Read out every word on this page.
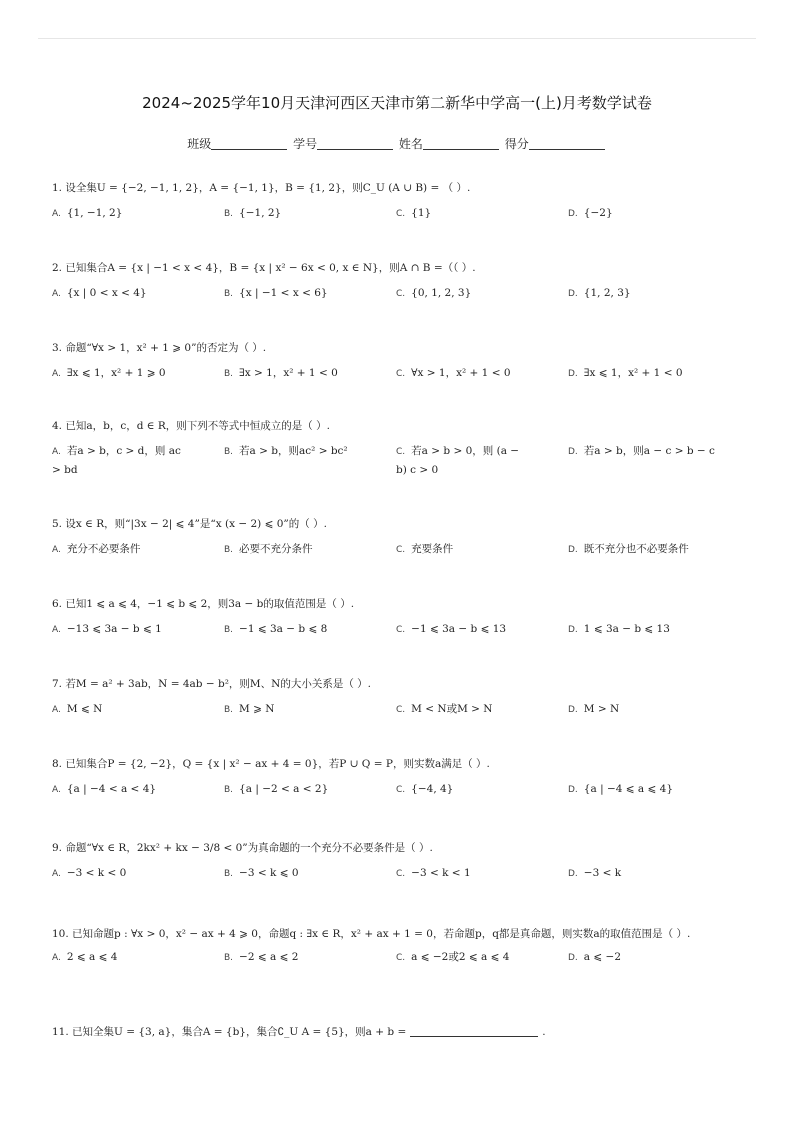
2024~2025学年10月天津河西区天津市第二新华中学高一(上)月考数学试卷
班级	学号	姓名	得分
1. 设全集U = {−2, −1, 1, 2}，A = {−1, 1}，B = {1, 2}，则C_U (A ∪ B) = （ ）.
A. {1, −1, 2}	B. {−1, 2}	C. {1}	D. {−2}
2. 已知集合A = {x | −1 < x < 4}，B = {x | x² − 6x < 0, x ∈ N}，则A ∩ B =（（ ）.
A. {x | 0 < x < 4}	B. {x | −1 < x < 6}	C. {0, 1, 2, 3}	D. {1, 2, 3}
3. 命题“∀x > 1，x² + 1 ⩾ 0”的否定为（ ）.
A. ∃x ⩽ 1，x² + 1 ⩾ 0	B. ∃x > 1，x² + 1 < 0	C. ∀x > 1，x² + 1 < 0	D. ∃x ⩽ 1，x² + 1 < 0
4. 已知a，b，c，d ∈ R，则下列不等式中恒成立的是（ ）.
A. 若a > b，c > d，则 ac > bd
B. 若a > b，则ac² > bc²	C. 若a > b > 0，则 (a − b) c > 0
D. 若a > b，则a − c > b − c
5. 设x ∈ R，则“|3x − 2| ⩽ 4”是“x (x − 2) ⩽ 0”的（ ）.
A. 充分不必要条件	B. 必要不充分条件	C. 充要条件	D. 既不充分也不必要条件
6. 已知1 ⩽ a ⩽ 4，−1 ⩽ b ⩽ 2，则3a − b的取值范围是（ ）.
A. −13 ⩽ 3a − b ⩽ 1	B. −1 ⩽ 3a − b ⩽ 8	C. −1 ⩽ 3a − b ⩽ 13	D. 1 ⩽ 3a − b ⩽ 13
7. 若M = a² + 3ab，N = 4ab − b²，则M、N的大小关系是（ ）.
A. M ⩽ N	B. M ⩾ N	C. M < N或M > N	D. M > N
8. 已知集合P = {2, −2}，Q = {x | x² − ax + 4 = 0}，若P ∪ Q = P，则实数a满足（ ）.
A. {a | −4 < a < 4}	B. {a | −2 < a < 2}	C. {−4, 4}	D. {a | −4 ⩽ a ⩽ 4}
9. 命题“∀x ∈ R，2kx² + kx − 3/8 < 0”为真命题的一个充分不必要条件是（ ）.
A. −3 < k < 0	B. −3 < k ⩽ 0	C. −3 < k < 1	D. −3 < k
10. 已知命题p : ∀x > 0，x² − ax + 4 ⩾ 0，命题q : ∃x ∈ R，x² + ax + 1 = 0，若命题p，q都是真命题，则实数a的取值范围是（ ）.
A. 2 ⩽ a ⩽ 4	B. −2 ⩽ a ⩽ 2	C. a ⩽ −2或2 ⩽ a ⩽ 4	D. a ⩽ −2
11. 已知全集U = {3, a}，集合A = {b}，集合∁_U A = {5}，则a + b =	.
